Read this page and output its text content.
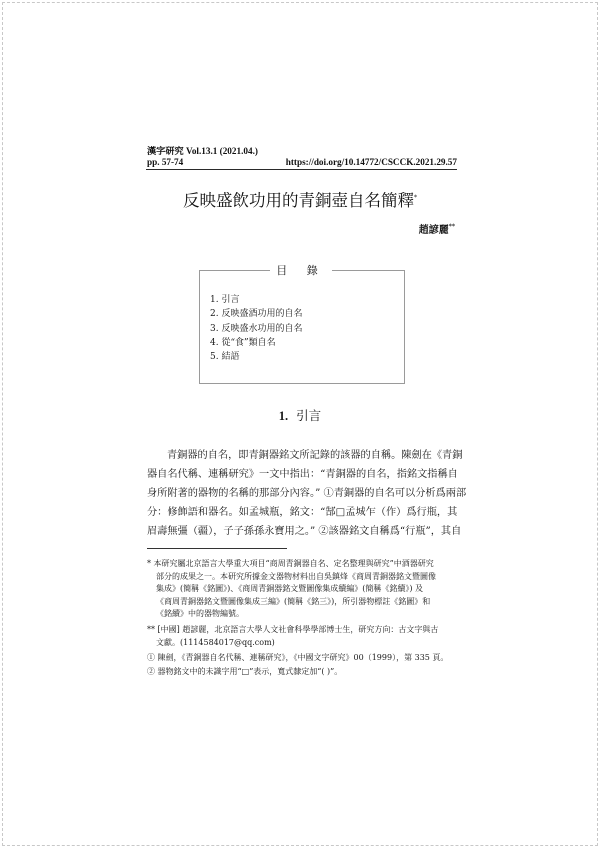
漢字研究 Vol.13.1 (2021.04.)
pp. 57-74	https://doi.org/10.14772/CSCCK.2021.29.57
反映盛飲功用的青銅壺自名簡釋*
趙諺麗**
目 錄
1. 引言
2. 反映盛酒功用的自名
3. 反映盛水功用的自名
4. 從“食”類自名
5. 結語
1. 引言
青銅器的自名，即青銅器銘文所記錄的該器的自稱。陳劍在《青銅
器自名代稱、連稱研究》一文中指出：“青銅器的自名，指銘文指稱自
身所附著的器物的名稱的那部分內容。” ①青銅器的自名可以分析爲兩部
分：修飾語和器名。如孟城瓶，銘文：“郜□孟城乍（作）爲行瓶，其
眉壽無彊（疆），子子孫孫永寶用之。” ②該器銘文自稱爲“行瓶”，其自
* 本研究屬北京語言大學重大項目“商周青銅器自名、定名整理與研究”中酒器研究
部分的成果之一。本研究所據金文器物材料出自吳鎮烽《商周青銅器銘文暨圖像
集成》(簡稱《銘圖》)、《商周青銅器銘文暨圖像集成續編》(簡稱《銘續》) 及
《商周青銅器銘文暨圖像集成三編》(簡稱《銘三》)，所引器物標註《銘圖》和
《銘續》中的器物編號。
** [中國] 趙諺麗，北京語言大學人文社會科學學部博士生，研究方向：古文字與古
文獻。(1114584017@qq.com)
① 陳劍，《青銅器自名代稱、連稱研究》，《中國文字研究》00（1999），第 335 頁。
② 器物銘文中的未識字用“□”表示，寬式隸定加“( )”。
